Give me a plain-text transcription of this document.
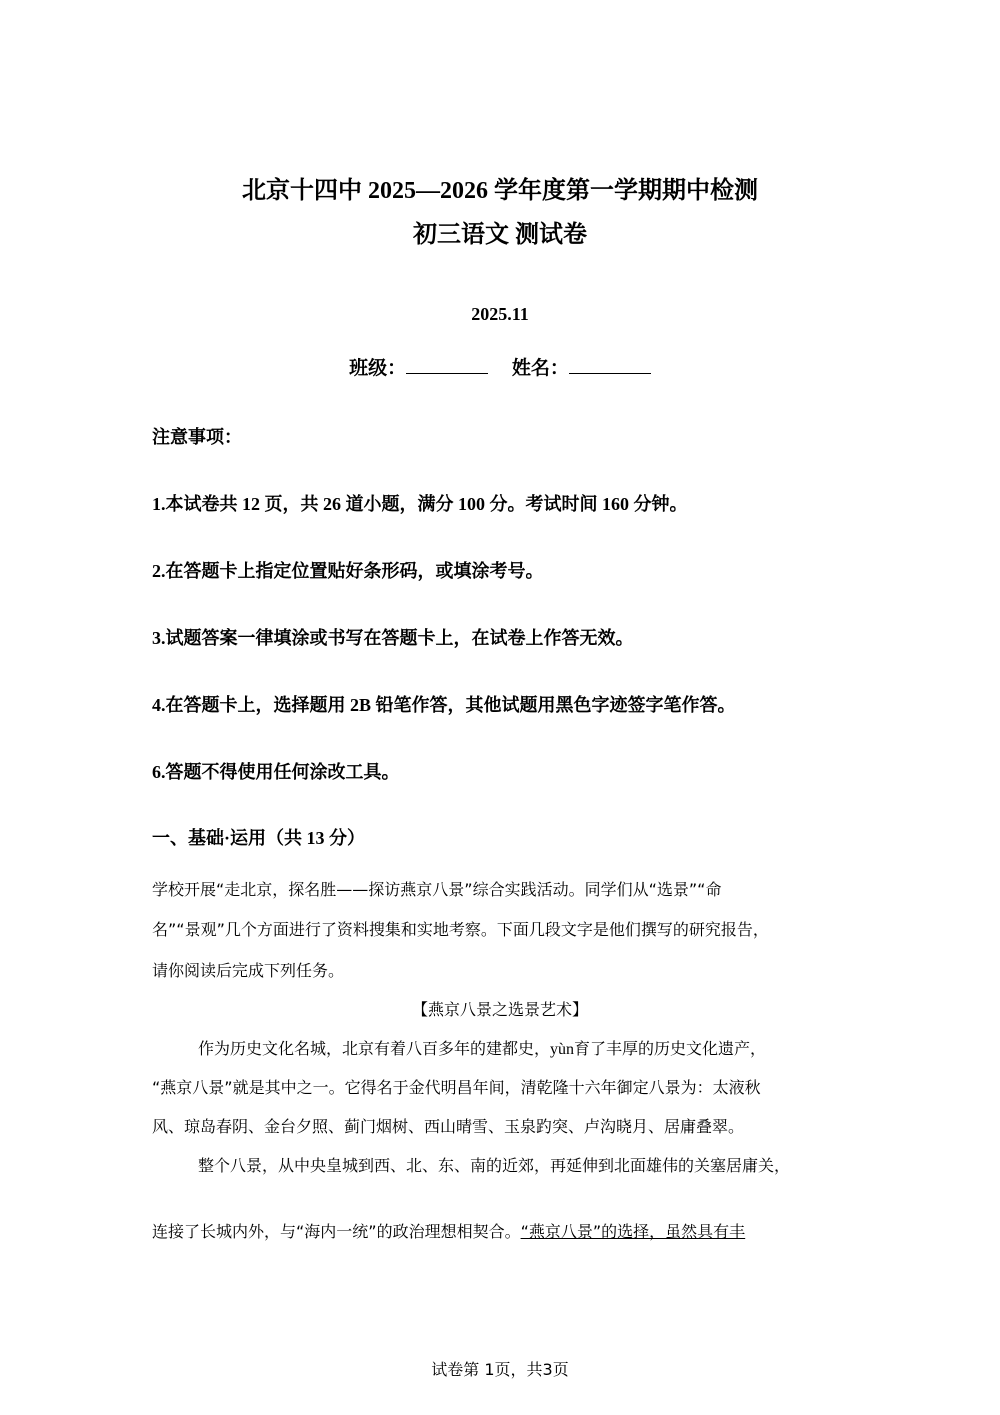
北京十四中 2025—2026 学年度第一学期期中检测
初三语文 测试卷
2025.11
班级：	姓名：
注意事项：
1.本试卷共 12 页，共 26 道小题，满分 100 分。考试时间 160 分钟。
2.在答题卡上指定位置贴好条形码，或填涂考号。
3.试题答案一律填涂或书写在答题卡上，在试卷上作答无效。
4.在答题卡上，选择题用 2B 铅笔作答，其他试题用黑色字迹签字笔作答。
6.答题不得使用任何涂改工具。
一、基础·运用（共 13 分）
学校开展“走北京，探名胜——探访燕京八景”综合实践活动。同学们从“选景”“命
名”“景观”几个方面进行了资料搜集和实地考察。下面几段文字是他们撰写的研究报告，
请你阅读后完成下列任务。
【燕京八景之选景艺术】
作为历史文化名城，北京有着八百多年的建都史，yùn育了丰厚的历史文化遗产，
“燕京八景”就是其中之一。它得名于金代明昌年间，清乾隆十六年御定八景为：太液秋
风、琼岛春阴、金台夕照、蓟门烟树、西山晴雪、玉泉趵突、卢沟晓月、居庸叠翠。
整个八景，从中央皇城到西、北、东、南的近郊，再延伸到北面雄伟的关塞居庸关，
连接了长城内外，与“海内一统”的政治理想相契合。“燕京八景”的选择，虽然具有丰
试卷第 1页，共3页
